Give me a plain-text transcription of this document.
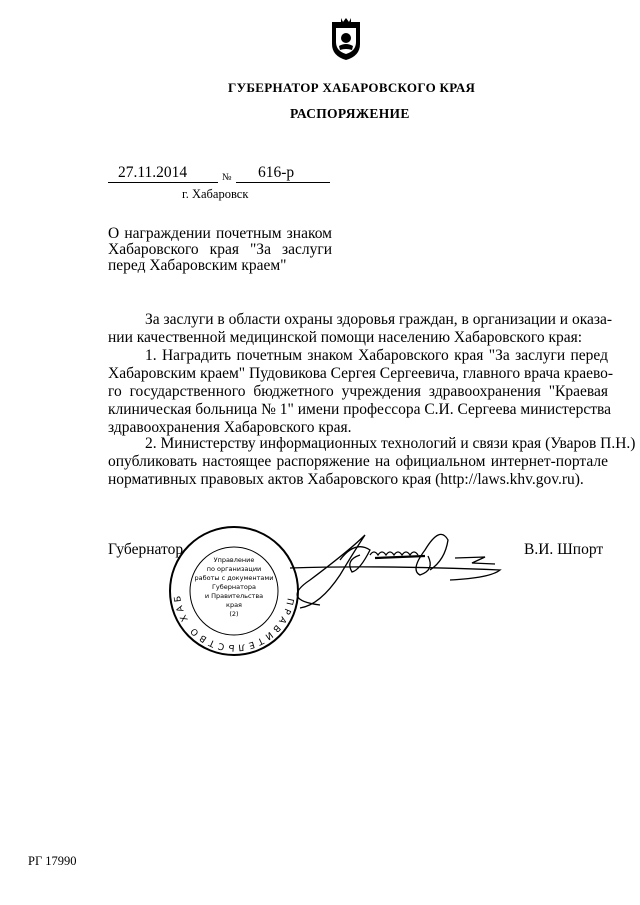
ГУБЕРНАТОР ХАБАРОВСКОГО КРАЯ
РАСПОРЯЖЕНИЕ
27.11.2014	№ 616-р
г. Хабаровск
О награждении почетным знаком
Хабаровского края "За заслуги
перед Хабаровским краем"
За заслуги в области охраны здоровья граждан, в организации и оказа-
нии качественной медицинской помощи населению Хабаровского края:
1. Наградить почетным знаком Хабаровского края "За заслуги перед
Хабаровским краем" Пудовикова Сергея Сергеевича, главного врача краево-
го государственного бюджетного учреждения здравоохранения "Краевая
клиническая больница № 1" имени профессора С.И. Сергеева министерства
здравоохранения Хабаровского края.
2. Министерству информационных технологий и связи края (Уваров П.Н.)
опубликовать настоящее распоряжение на официальном интернет-портале
нормативных правовых актов Хабаровского края (http://laws.khv.gov.ru).
Губернатор	В.И. Шпорт
ПРАВИТЕЛЬСТВО ХАБ
Управление
по организации
работы с документами
Губернатора
и Правительства
края
(2)
РГ 17990
